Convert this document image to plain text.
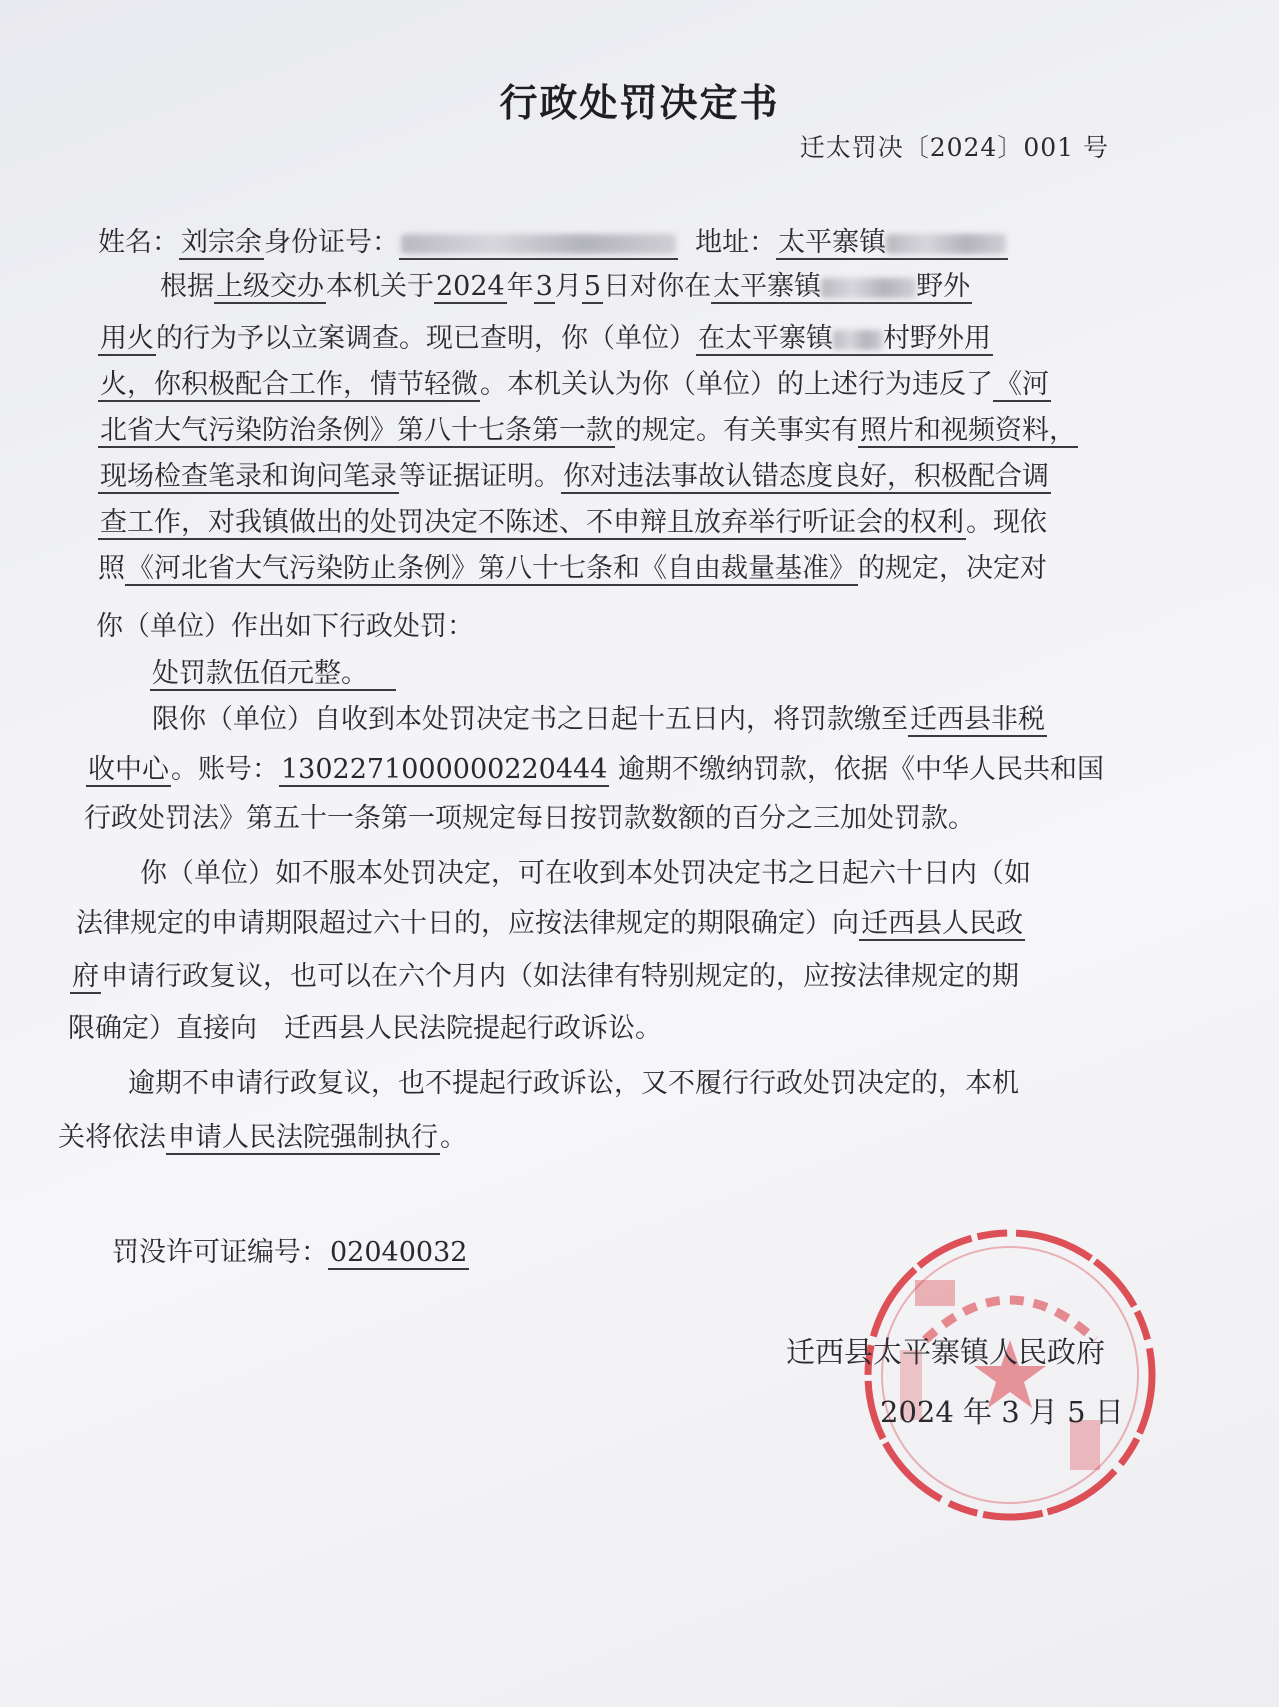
行政处罚决定书
迁太罚决〔2024〕001 号
姓名：刘宗余身份证号：	地址：太平寨镇
根据上级交办本机关于2024年3月5日对你在太平寨镇	野外
用火的行为予以立案调查。现已查明，你（单位）在太平寨镇 村野外用
火，你积极配合工作，情节轻微。本机关认为你（单位）的上述行为违反了《河
北省大气污染防治条例》第八十七条第一款的规定。有关事实有照片和视频资料，
现场检查笔录和询问笔录等证据证明。你对违法事故认错态度良好，积极配合调
查工作，对我镇做出的处罚决定不陈述、不申辩且放弃举行听证会的权利。现依
照《河北省大气污染防止条例》第八十七条和《自由裁量基准》的规定，决定对
你（单位）作出如下行政处罚：
处罚款伍佰元整。
限你（单位）自收到本处罚决定书之日起十五日内，将罚款缴至迁西县非税
收中心。账号：1302271000000220444 逾期不缴纳罚款，依据《中华人民共和国
行政处罚法》第五十一条第一项规定每日按罚款数额的百分之三加处罚款。
你（单位）如不服本处罚决定，可在收到本处罚决定书之日起六十日内（如
法律规定的申请期限超过六十日的，应按法律规定的期限确定）向迁西县人民政
府申请行政复议，也可以在六个月内（如法律有特别规定的，应按法律规定的期
限确定）直接向　迁西县人民法院提起行政诉讼。
逾期不申请行政复议，也不提起行政诉讼，又不履行行政处罚决定的，本机
关将依法申请人民法院强制执行。
罚没许可证编号：02040032
迁西县太平寨镇人民政府
2024 年 3 月 5 日
